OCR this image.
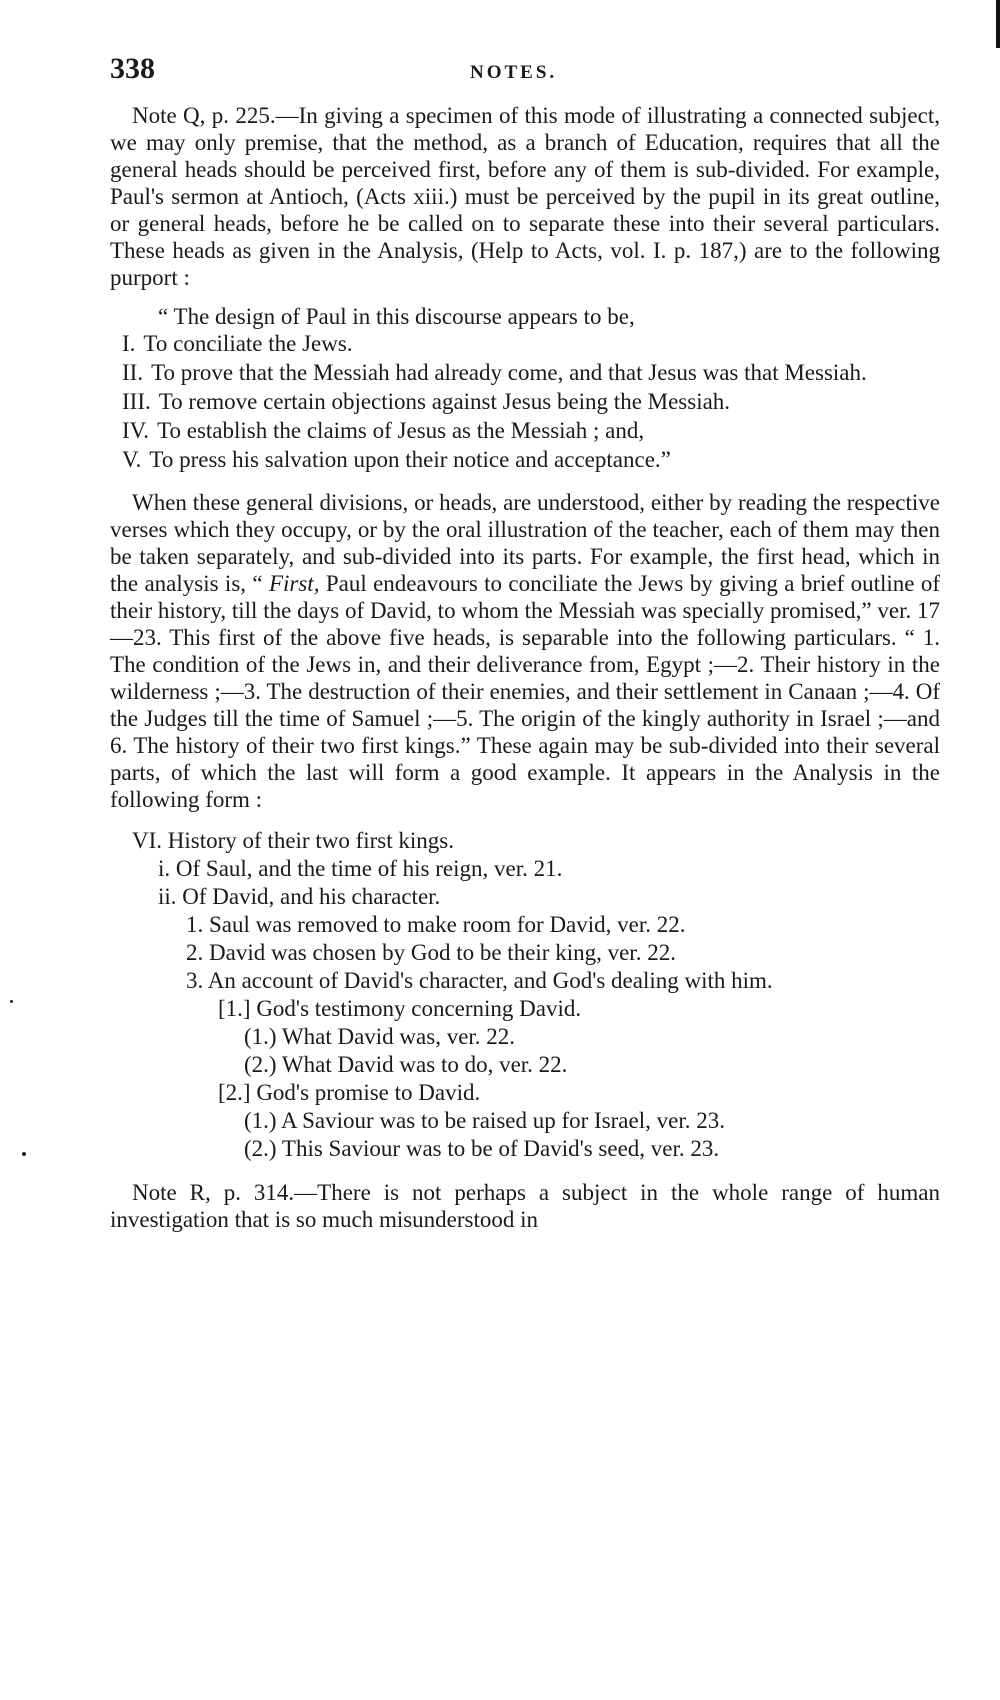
338	NOTES.

Note Q, p. 225.—In giving a specimen of this mode of illustrating a connected subject, we may only premise, that the method, as a branch of Education, requires that all the general heads should be perceived first, before any of them is sub-divided. For example, Paul's sermon at Antioch, (Acts xiii.) must be perceived by the pupil in its great outline, or general heads, before he be called on to separate these into their several particulars. These heads as given in the Analysis, (Help to Acts, vol. I. p. 187,) are to the following purport :

“ The design of Paul in this discourse appears to be,
I. To conciliate the Jews.
II. To prove that the Messiah had already come, and that Jesus was that Messiah.
III. To remove certain objections against Jesus being the Messiah.
IV. To establish the claims of Jesus as the Messiah ; and,
V. To press his salvation upon their notice and acceptance.”

When these general divisions, or heads, are understood, either by reading the respective verses which they occupy, or by the oral illustration of the teacher, each of them may then be taken separately, and sub-divided into its parts. For example, the first head, which in the analysis is, “ First, Paul endeavours to conciliate the Jews by giving a brief outline of their history, till the days of David, to whom the Messiah was specially promised,” ver. 17—23. This first of the above five heads, is separable into the following particulars. “ 1. The condition of the Jews in, and their deliverance from, Egypt ;—2. Their history in the wilderness ;—3. The destruction of their enemies, and their settlement in Canaan ;—4. Of the Judges till the time of Samuel ;—5. The origin of the kingly authority in Israel ;—and 6. The history of their two first kings.” These again may be sub-divided into their several parts, of which the last will form a good example. It appears in the Analysis in the following form :

VI. History of their two first kings.
i. Of Saul, and the time of his reign, ver. 21.
ii. Of David, and his character.
1. Saul was removed to make room for David, ver. 22.
2. David was chosen by God to be their king, ver. 22.
3. An account of David's character, and God's dealing with him.
[1.] God's testimony concerning David.
(1.) What David was, ver. 22.
(2.) What David was to do, ver. 22.
[2.] God's promise to David.
(1.) A Saviour was to be raised up for Israel, ver. 23.
(2.) This Saviour was to be of David's seed, ver. 23.

Note R, p. 314.—There is not perhaps a subject in the whole range of human investigation that is so much misunderstood in
